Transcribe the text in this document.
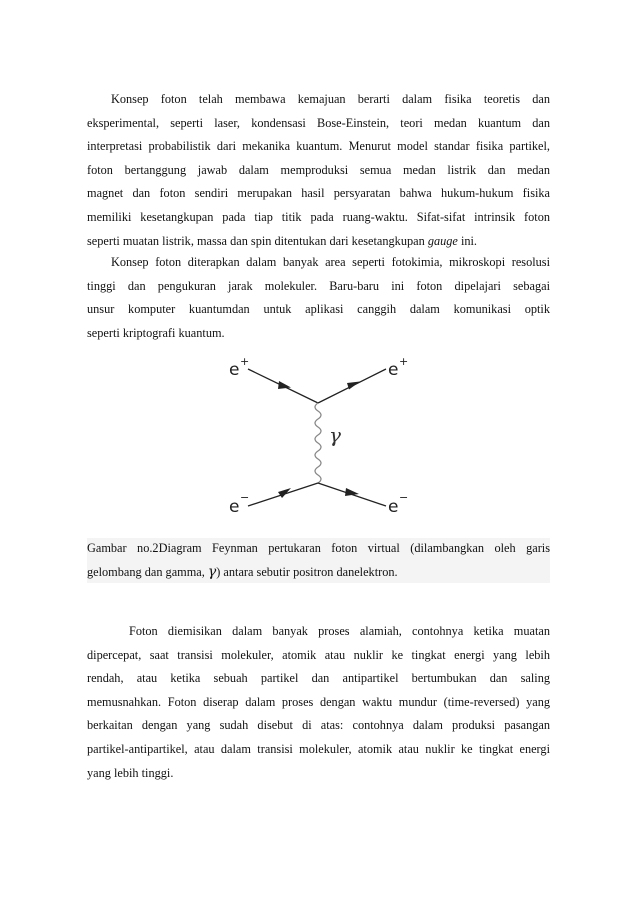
Konsep foton telah membawa kemajuan berarti dalam fisika teoretis dan
eksperimental, seperti laser, kondensasi Bose-Einstein, teori medan kuantum dan
interpretasi probabilistik dari mekanika kuantum. Menurut model standar fisika partikel,
foton bertanggung jawab dalam memproduksi semua medan listrik dan medan
magnet dan foton sendiri merupakan hasil persyaratan bahwa hukum-hukum fisika
memiliki kesetangkupan pada tiap titik pada ruang-waktu. Sifat-sifat intrinsik foton
seperti muatan listrik, massa dan spin ditentukan dari kesetangkupan gauge ini.
Konsep foton diterapkan dalam banyak area seperti fotokimia, mikroskopi resolusi
tinggi dan pengukuran jarak molekuler. Baru-baru ini foton dipelajari sebagai
unsur komputer kuantumdan untuk aplikasi canggih dalam komunikasi optik
seperti kriptografi kuantum.
e +	e +
e −	e −
γ
Gambar no.2Diagram Feynman pertukaran foton virtual (dilambangkan oleh garis
gelombang dan gamma, γ) antara sebutir positron danelektron.
Foton diemisikan dalam banyak proses alamiah, contohnya ketika muatan
dipercepat, saat transisi molekuler, atomik atau nuklir ke tingkat energi yang lebih
rendah, atau ketika sebuah partikel dan antipartikel bertumbukan dan saling
memusnahkan. Foton diserap dalam proses dengan waktu mundur (time-reversed) yang
berkaitan dengan yang sudah disebut di atas: contohnya dalam produksi pasangan
partikel-antipartikel, atau dalam transisi molekuler, atomik atau nuklir ke tingkat energi
yang lebih tinggi.
